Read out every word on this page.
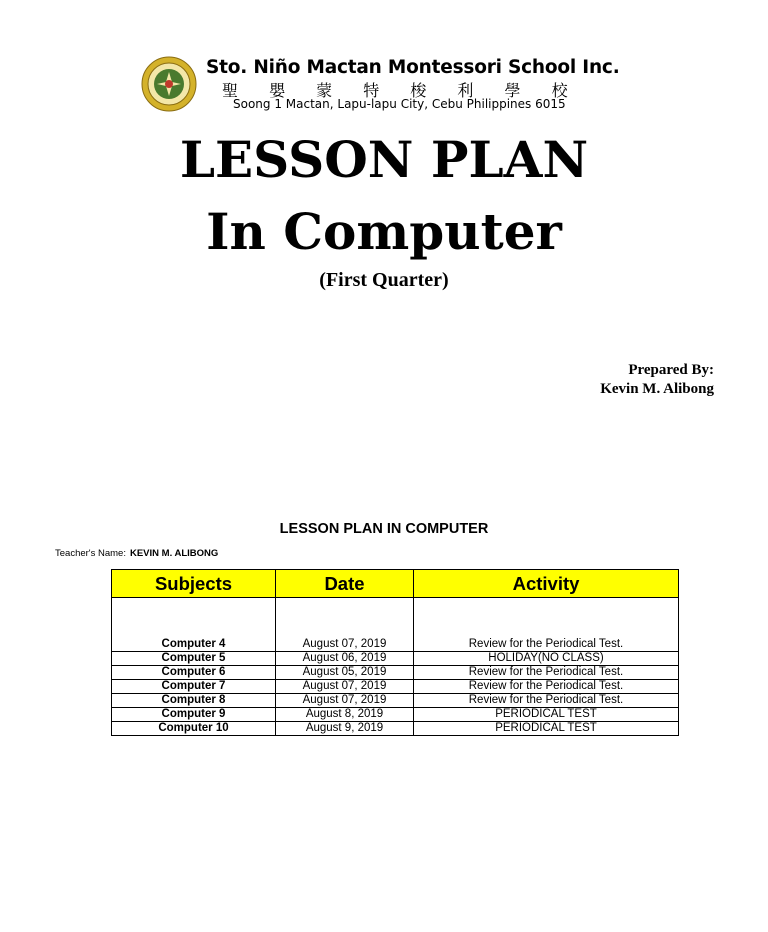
Sto. Niño Mactan Montessori School Inc.
聖 嬰 蒙 特 梭 利 學 校
Soong 1 Mactan, Lapu-lapu City, Cebu Philippines 6015
LESSON PLAN
In Computer
(First Quarter)
Prepared By:
Kevin M. Alibong
LESSON PLAN IN COMPUTER
Teacher's Name: KEVIN M. ALIBONG
Subjects	Date	Activity

Computer 4	August 07, 2019	Review for the Periodical Test.
Computer 5	August 06, 2019	HOLIDAY(NO CLASS)
Computer 6	August 05, 2019	Review for the Periodical Test.
Computer 7	August 07, 2019	Review for the Periodical Test.
Computer 8	August 07, 2019	Review for the Periodical Test.
Computer 9	August 8, 2019	PERIODICAL TEST
Computer 10	August 9, 2019	PERIODICAL TEST
